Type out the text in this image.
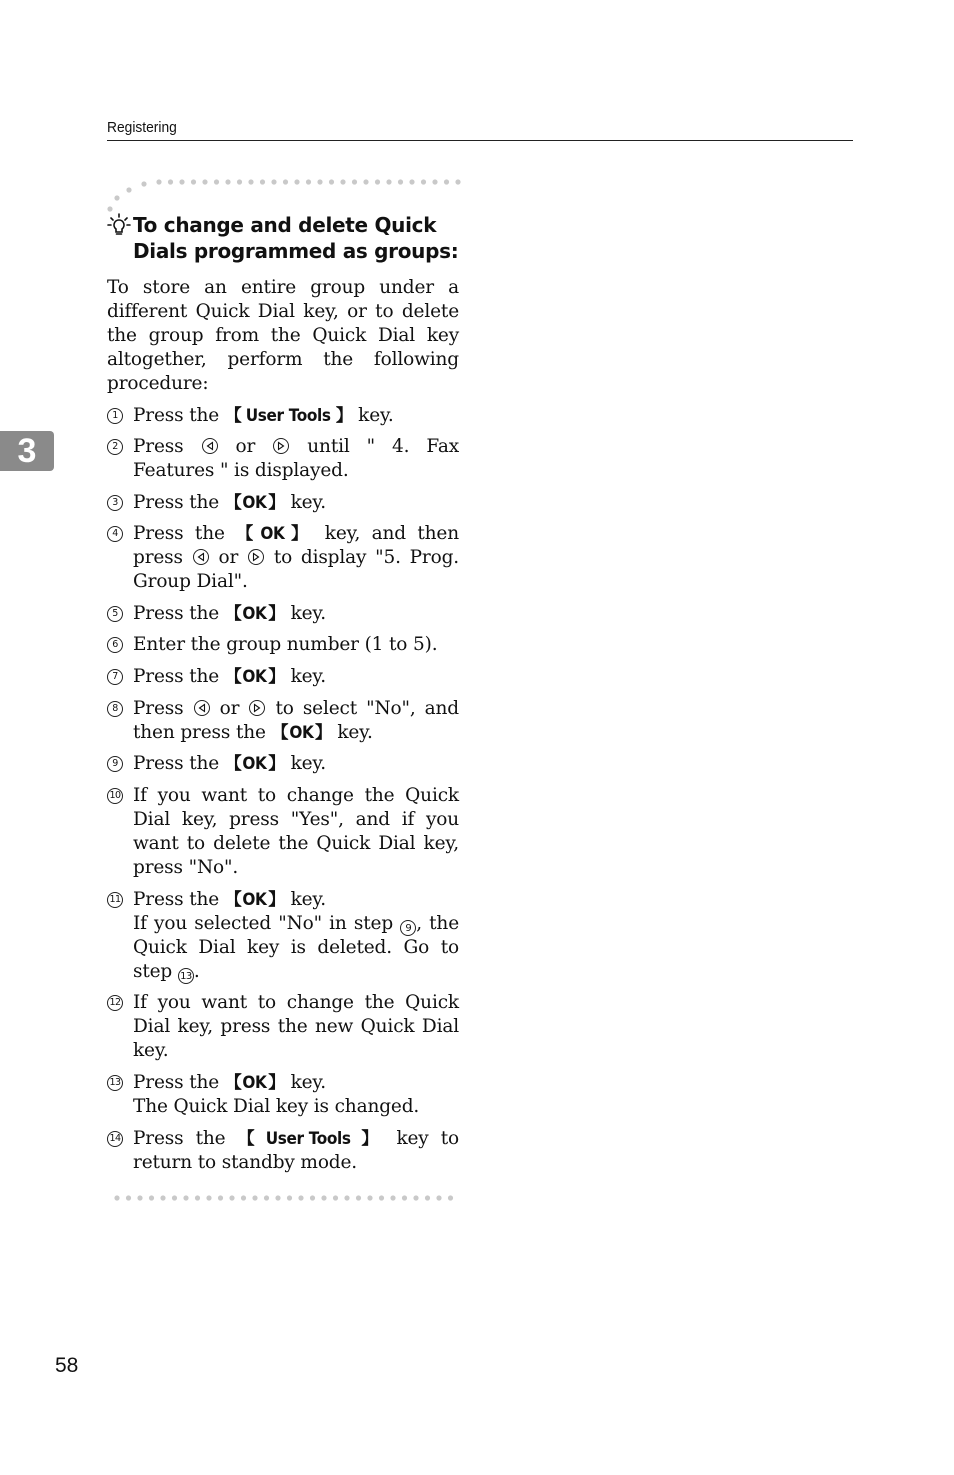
Registering
3
To change and delete Quick Dials programmed as groups:
To store an entire group under a different Quick Dial key, or to delete the group from the Quick Dial key altogether, perform the following procedure:
1 Press the 【 User Tools 】 key.
2 Press	or	until " 4. Fax Features " is displayed.
3 Press the 【OK】 key.
4 Press the 【OK】 key, and then press or to display "5. Prog. Group Dial".
5 Press the 【OK】 key.
6 Enter the group number (1 to 5).
7 Press the 【OK】 key.
8 Press or to select "No", and then press the 【OK】 key.
9 Press the 【OK】 key.
10 If you want to change the Quick Dial key, press "Yes", and if you want to delete the Quick Dial key, press "No".
11 Press the 【OK】 key.
If you selected "No" in step 9 , the Quick Dial key is deleted. Go to step 13 .
12 If you want to change the Quick Dial key, press the new Quick Dial key.
13 Press the 【OK】 key.
The Quick Dial key is changed.
14 Press the 【 User Tools 】 key to return to standby mode.
58
